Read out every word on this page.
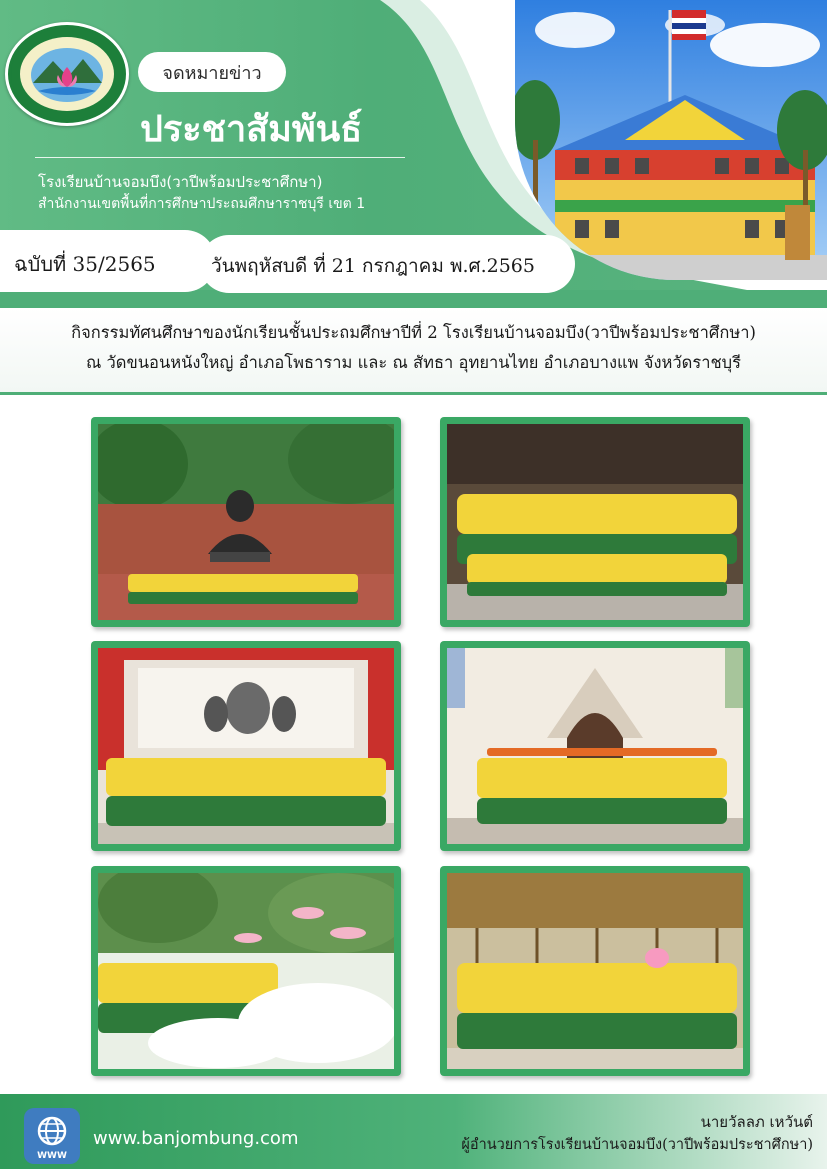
จดหมายข่าว
ประชาสัมพันธ์
โรงเรียนบ้านจอมบึง(วาปีพร้อมประชาศึกษา)
สำนักงานเขตพื้นที่การศึกษาประถมศึกษาราชบุรี เขต 1
ฉบับที่ 35/2565	วันพฤหัสบดี ที่ 21 กรกฎาคม พ.ศ.2565
กิจกรรมทัศนศึกษาของนักเรียนชั้นประถมศึกษาปีที่ 2 โรงเรียนบ้านจอมบึง(วาปีพร้อมประชาศึกษา)
ณ วัดขนอนหนังใหญ่ อำเภอโพธาราม และ ณ สัทธา อุทยานไทย อำเภอบางแพ จังหวัดราชบุรี
WWW
www.banjombung.com
นายวัลลภ เหวันต์
ผู้อำนวยการโรงเรียนบ้านจอมบึง(วาปีพร้อมประชาศึกษา)
